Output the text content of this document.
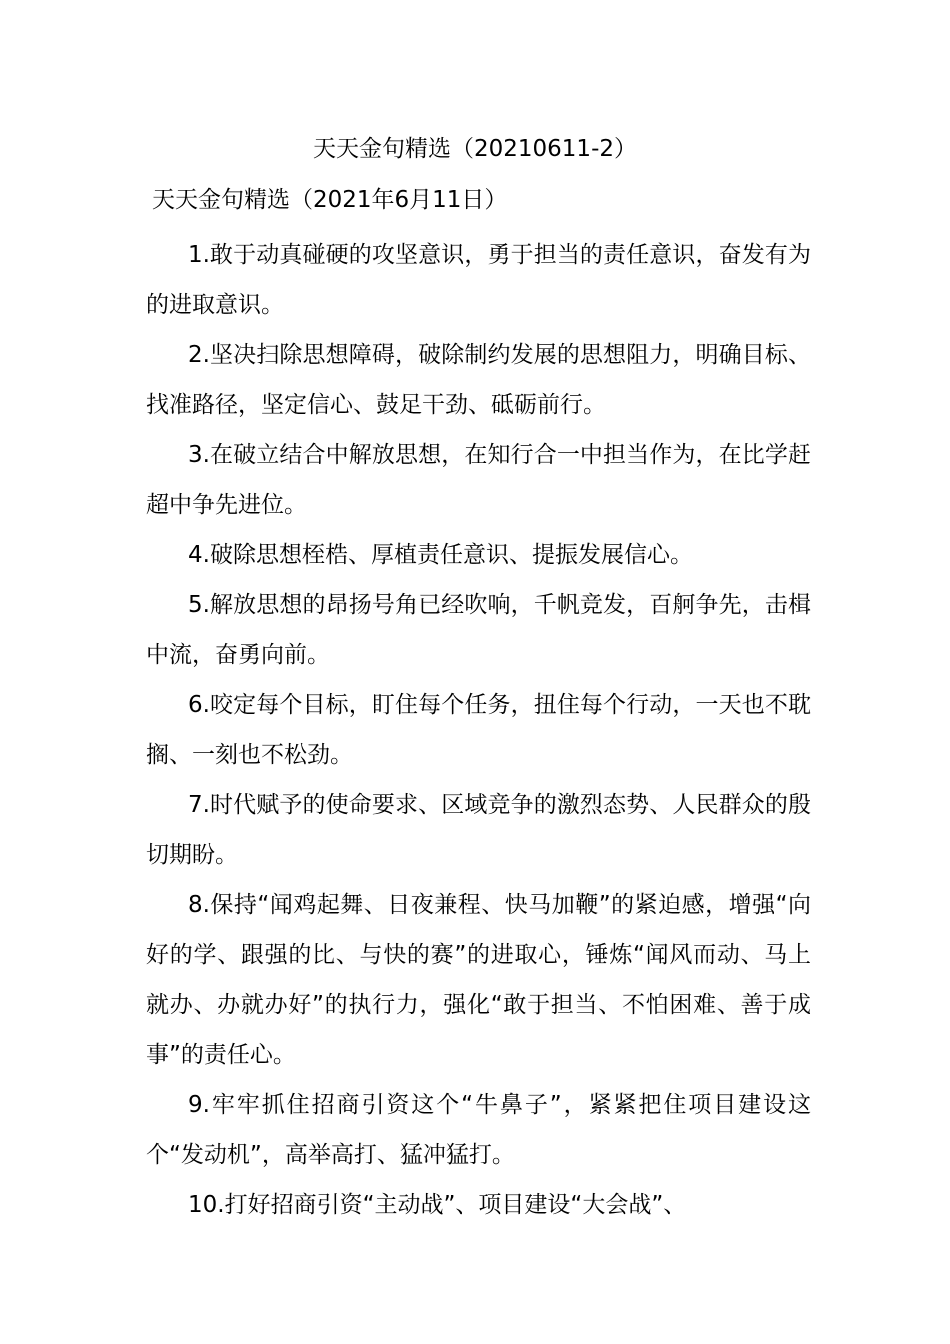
天天金句精选（20210611-2）
天天金句精选（2021年6月11日）

1.敢于动真碰硬的攻坚意识，勇于担当的责任意识，奋发有为的进取意识。

2.坚决扫除思想障碍，破除制约发展的思想阻力，明确目标、找准路径，坚定信心、鼓足干劲、砥砺前行。

3.在破立结合中解放思想，在知行合一中担当作为，在比学赶超中争先进位。

4.破除思想桎梏、厚植责任意识、提振发展信心。

5.解放思想的昂扬号角已经吹响，千帆竞发，百舸争先，击楫中流，奋勇向前。

6.咬定每个目标，盯住每个任务，扭住每个行动，一天也不耽搁、一刻也不松劲。

7.时代赋予的使命要求、区域竞争的激烈态势、人民群众的殷切期盼。

8.保持“闻鸡起舞、日夜兼程、快马加鞭”的紧迫感，增强“向好的学、跟强的比、与快的赛”的进取心，锤炼“闻风而动、马上就办、办就办好”的执行力，强化“敢于担当、不怕困难、善于成事”的责任心。

9.牢牢抓住招商引资这个“牛鼻子”，紧紧把住项目建设这个“发动机”，高举高打、猛冲猛打。

10.打好招商引资“主动战”、项目建设“大会战”、
